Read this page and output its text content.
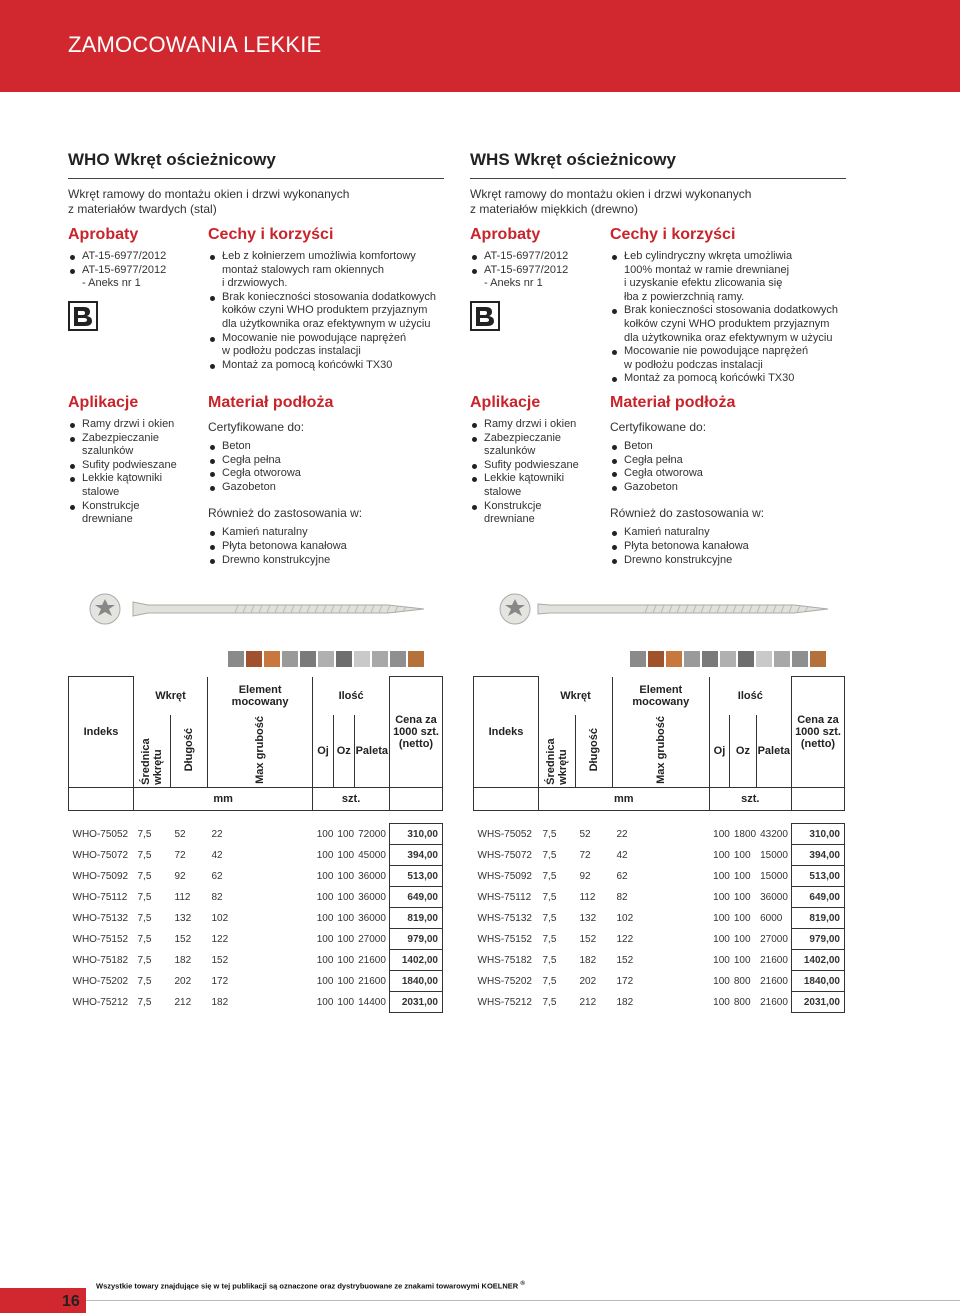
ZAMOCOWANIA LEKKIE
WHO Wkręt ościeżnicowy
Wkręt ramowy do montażu okien i drzwi wykonanych
z materiałów twardych (stal)
Aprobaty
AT-15-6977/2012
AT-15-6977/2012
- Aneks nr 1
Cechy i korzyści
Łeb z kołnierzem umożliwia komfortowy
montaż stalowych ram okiennych
i drzwiowych.
Brak konieczności stosowania dodatkowych
kołków czyni WHO produktem przyjaznym
dla użytkownika oraz efektywnym w użyciu
Mocowanie nie powodujące naprężeń
w podłożu podczas instalacji
Montaż za pomocą końcówki TX30
Aplikacje
Ramy drzwi i okien
Zabezpieczanie
szalunków
Sufity podwieszane
Lekkie kątowniki
stalowe
Konstrukcje
drewniane
Materiał podłoża
Certyfikowane do:
Beton
Cegła pełna
Cegła otworowa
Gazobeton
Również do zastosowania w:
Kamień naturalny
Płyta betonowa kanałowa
Drewno konstrukcyjne
WHS Wkręt ościeżnicowy
Wkręt ramowy do montażu okien i drzwi wykonanych
z materiałów miękkich (drewno)
Aprobaty
AT-15-6977/2012
AT-15-6977/2012
- Aneks nr 1
Cechy i korzyści
Łeb cylindryczny wkręta umożliwia
100% montaż w ramie drewnianej
i uzyskanie efektu zlicowania się
łba z powierzchnią ramy.
Brak konieczności stosowania dodatkowych
kołków czyni WHO produktem przyjaznym
dla użytkownika oraz efektywnym w użyciu
Mocowanie nie powodujące naprężeń
w podłożu podczas instalacji
Montaż za pomocą końcówki TX30
Aplikacje
Ramy drzwi i okien
Zabezpieczanie
szalunków
Sufity podwieszane
Lekkie kątowniki
stalowe
Konstrukcje
drewniane
Materiał podłoża
Certyfikowane do:
Beton
Cegła pełna
Cegła otworowa
Gazobeton
Również do zastosowania w:
Kamień naturalny
Płyta betonowa kanałowa
Drewno konstrukcyjne
Indeks	Wkręt		Element mocowany	Ilość			Cena za 1000 szt. (netto)
	Średnica wkrętu	Długość	Max grubość	Oj	Oz	Paleta	
	mm			szt.			

WHO-75052	7,5	52	22	100	100	72000	310,00
WHO-75072	7,5	72	42	100	100	45000	394,00
WHO-75092	7,5	92	62	100	100	36000	513,00
WHO-75112	7,5	112	82	100	100	36000	649,00
WHO-75132	7,5	132	102	100	100	36000	819,00
WHO-75152	7,5	152	122	100	100	27000	979,00
WHO-75182	7,5	182	152	100	100	21600	1402,00
WHO-75202	7,5	202	172	100	100	21600	1840,00
WHO-75212	7,5	212	182	100	100	14400	2031,00
Indeks	Wkręt		Element mocowany	Ilość			Cena za 1000 szt. (netto)
	Średnica wkrętu	Długość	Max grubość	Oj	Oz	Paleta	
	mm			szt.			

WHS-75052	7,5	52	22	100	1800	43200	310,00
WHS-75072	7,5	72	42	100	100	15000	394,00
WHS-75092	7,5	92	62	100	100	15000	513,00
WHS-75112	7,5	112	82	100	100	36000	649,00
WHS-75132	7,5	132	102	100	100	6000	819,00
WHS-75152	7,5	152	122	100	100	27000	979,00
WHS-75182	7,5	182	152	100	100	21600	1402,00
WHS-75202	7,5	202	172	100	800	21600	1840,00
WHS-75212	7,5	212	182	100	800	21600	2031,00
Wszystkie towary znajdujące się w tej publikacji są oznaczone oraz dystrybuowane ze znakami towarowymi KOELNER ®
16
